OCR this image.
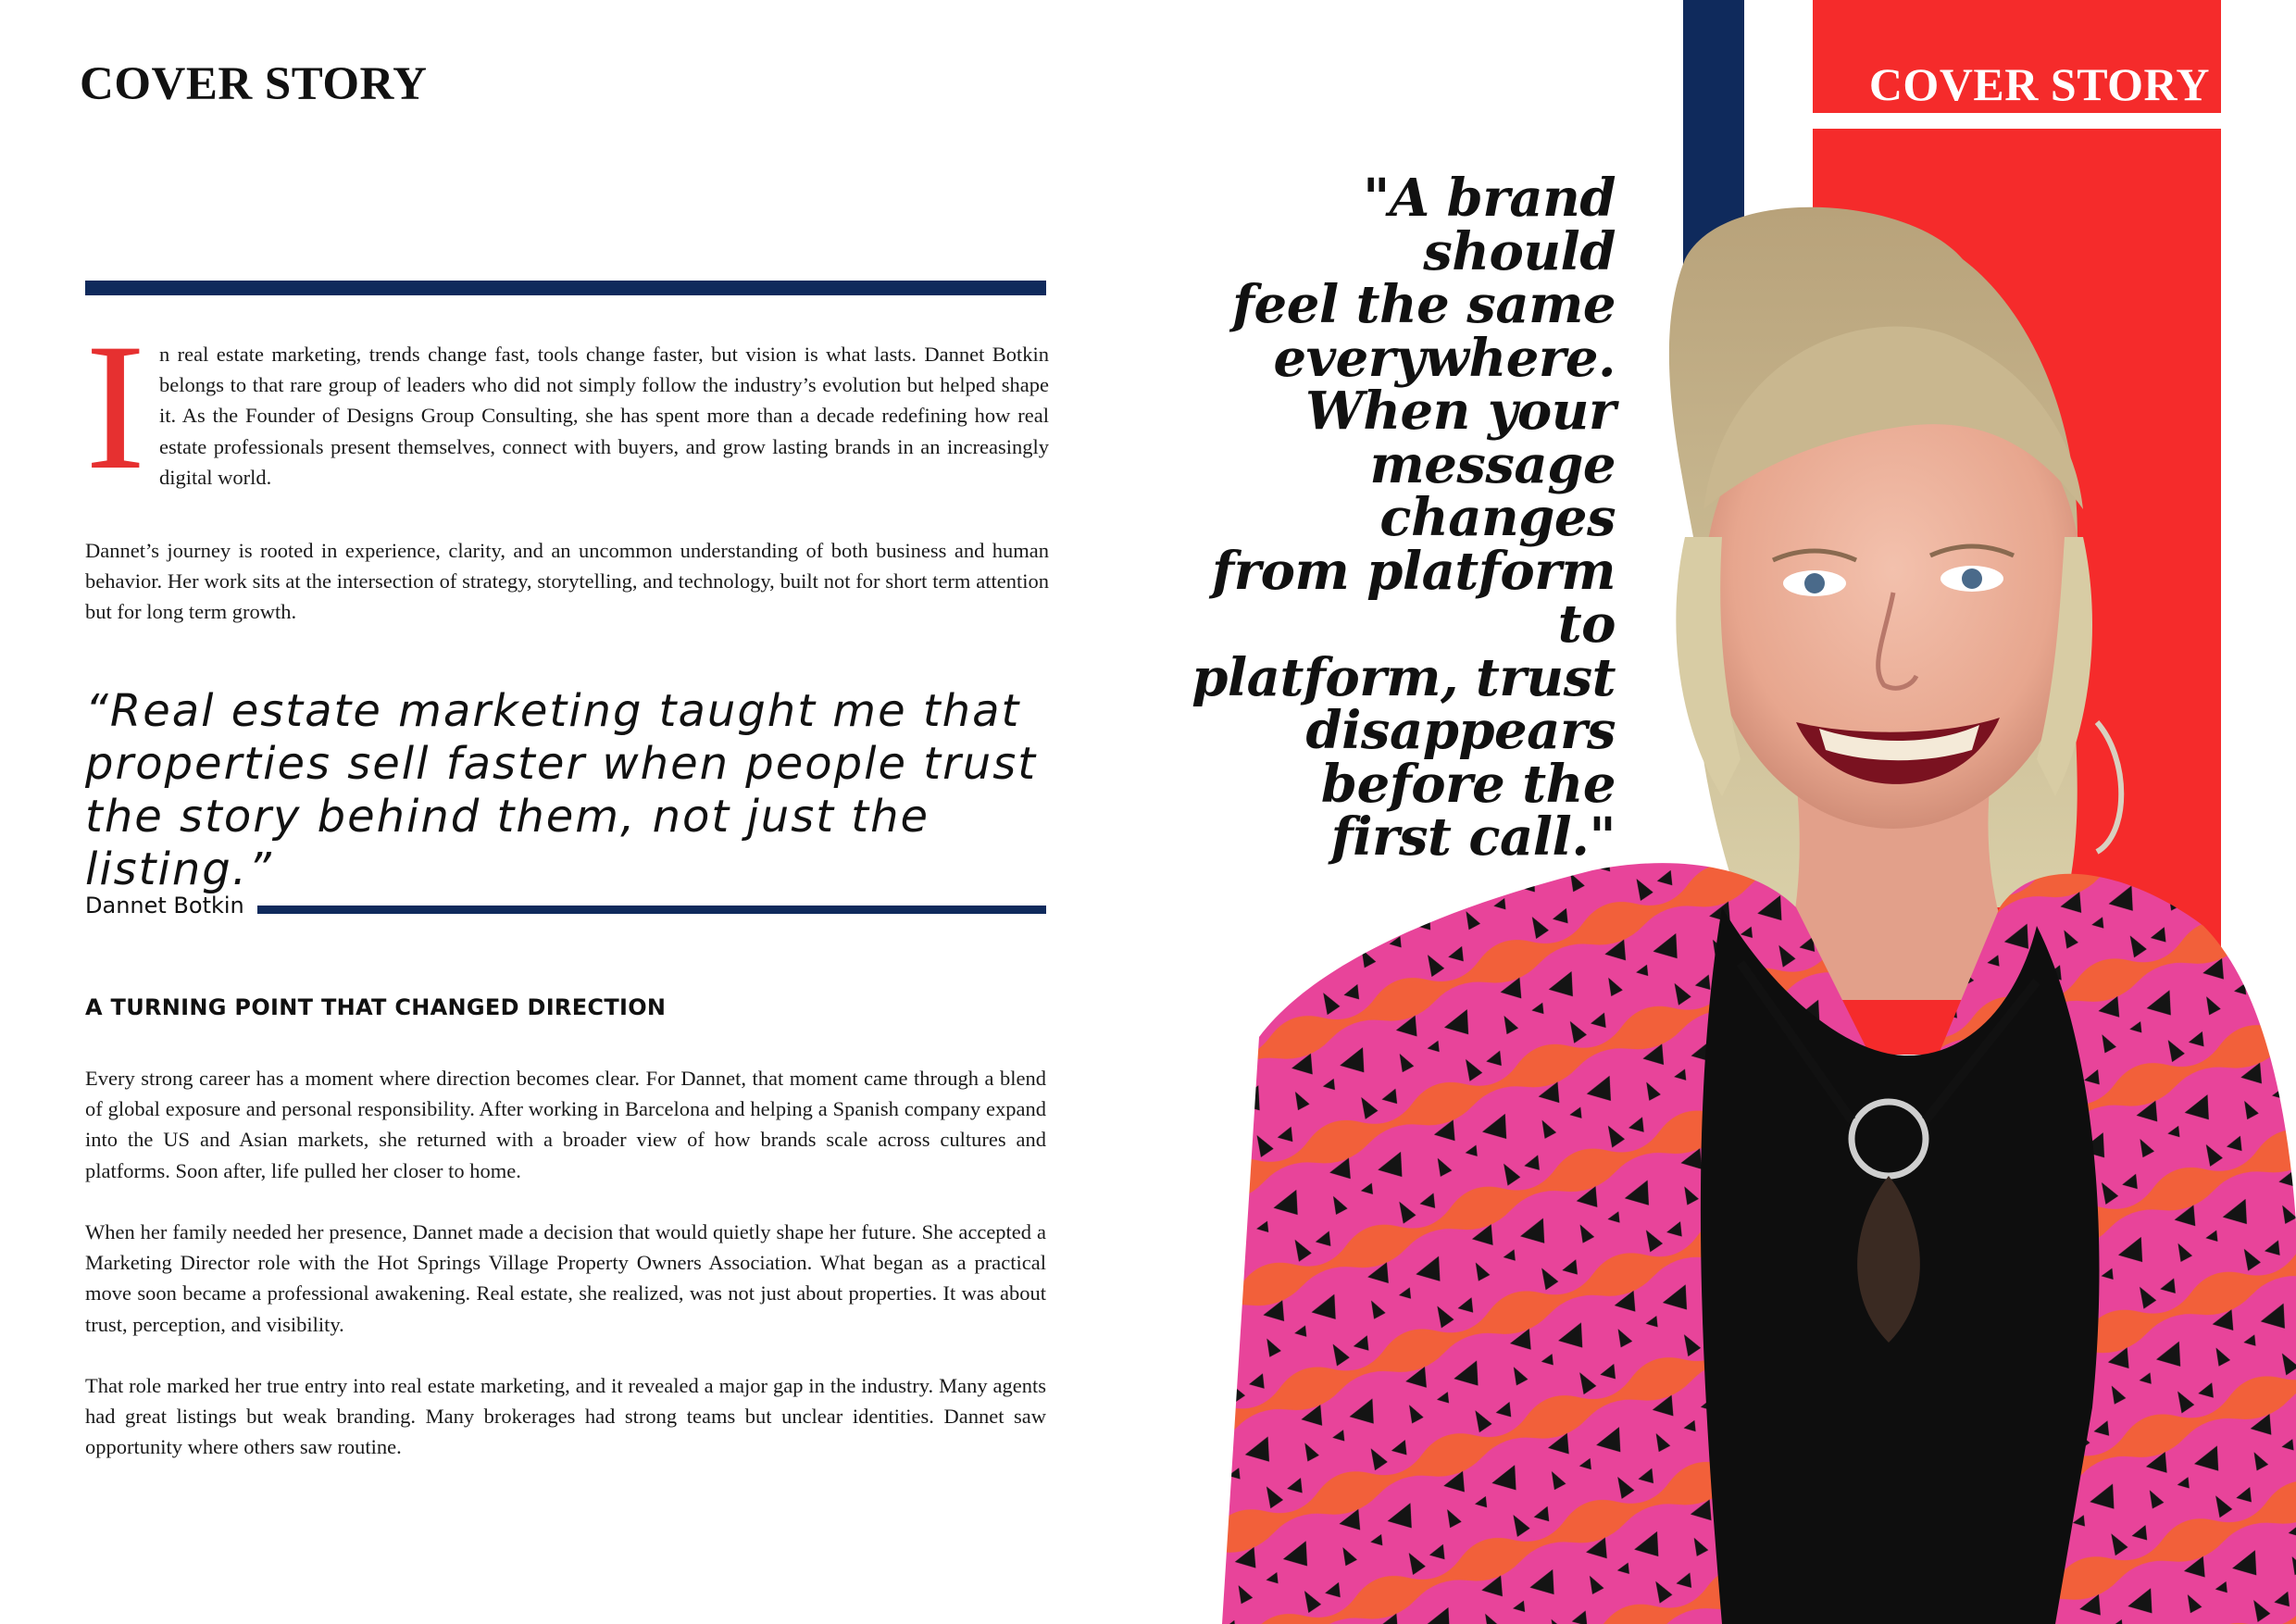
COVER STORY
I n real estate marketing, trends change fast, tools change faster, but vision is what lasts. Dannet Botkin belongs to that rare group of leaders who did not simply follow the industry’s evolution but helped shape it. As the Founder of Designs Group Consulting, she has spent more than a decade redefining how real estate professionals present themselves, connect with buyers, and grow lasting brands in an increasingly digital world.
Dannet’s journey is rooted in experience, clarity, and an uncommon understanding of both business and human behavior. Her work sits at the intersection of strategy, storytelling, and technology, built not for short term attention but for long term growth.
“Real estate marketing taught me that properties sell faster when people trust the story behind them, not just the listing.”
Dannet Botkin
A TURNING POINT THAT CHANGED DIRECTION
Every strong career has a moment where direction becomes clear. For Dannet, that moment came through a blend of global exposure and personal responsibility. After working in Barcelona and helping a Spanish company expand into the US and Asian markets, she returned with a broader view of how brands scale across cultures and platforms. Soon after, life pulled her closer to home.
When her family needed her presence, Dannet made a decision that would quietly shape her future. She accepted a Marketing Director role with the Hot Springs Village Property Owners Association. What began as a practical move soon became a professional awakening. Real estate, she realized, was not just about properties. It was about trust, perception, and visibility.
That role marked her true entry into real estate marketing, and it revealed a major gap in the industry. Many agents had great listings but weak branding. Many brokerages had strong teams but unclear identities. Dannet saw opportunity where others saw routine.
COVER STORY
"A brand should
feel the same
everywhere.
When your
message changes
from platform to
platform, trust
disappears
before the
first call."
